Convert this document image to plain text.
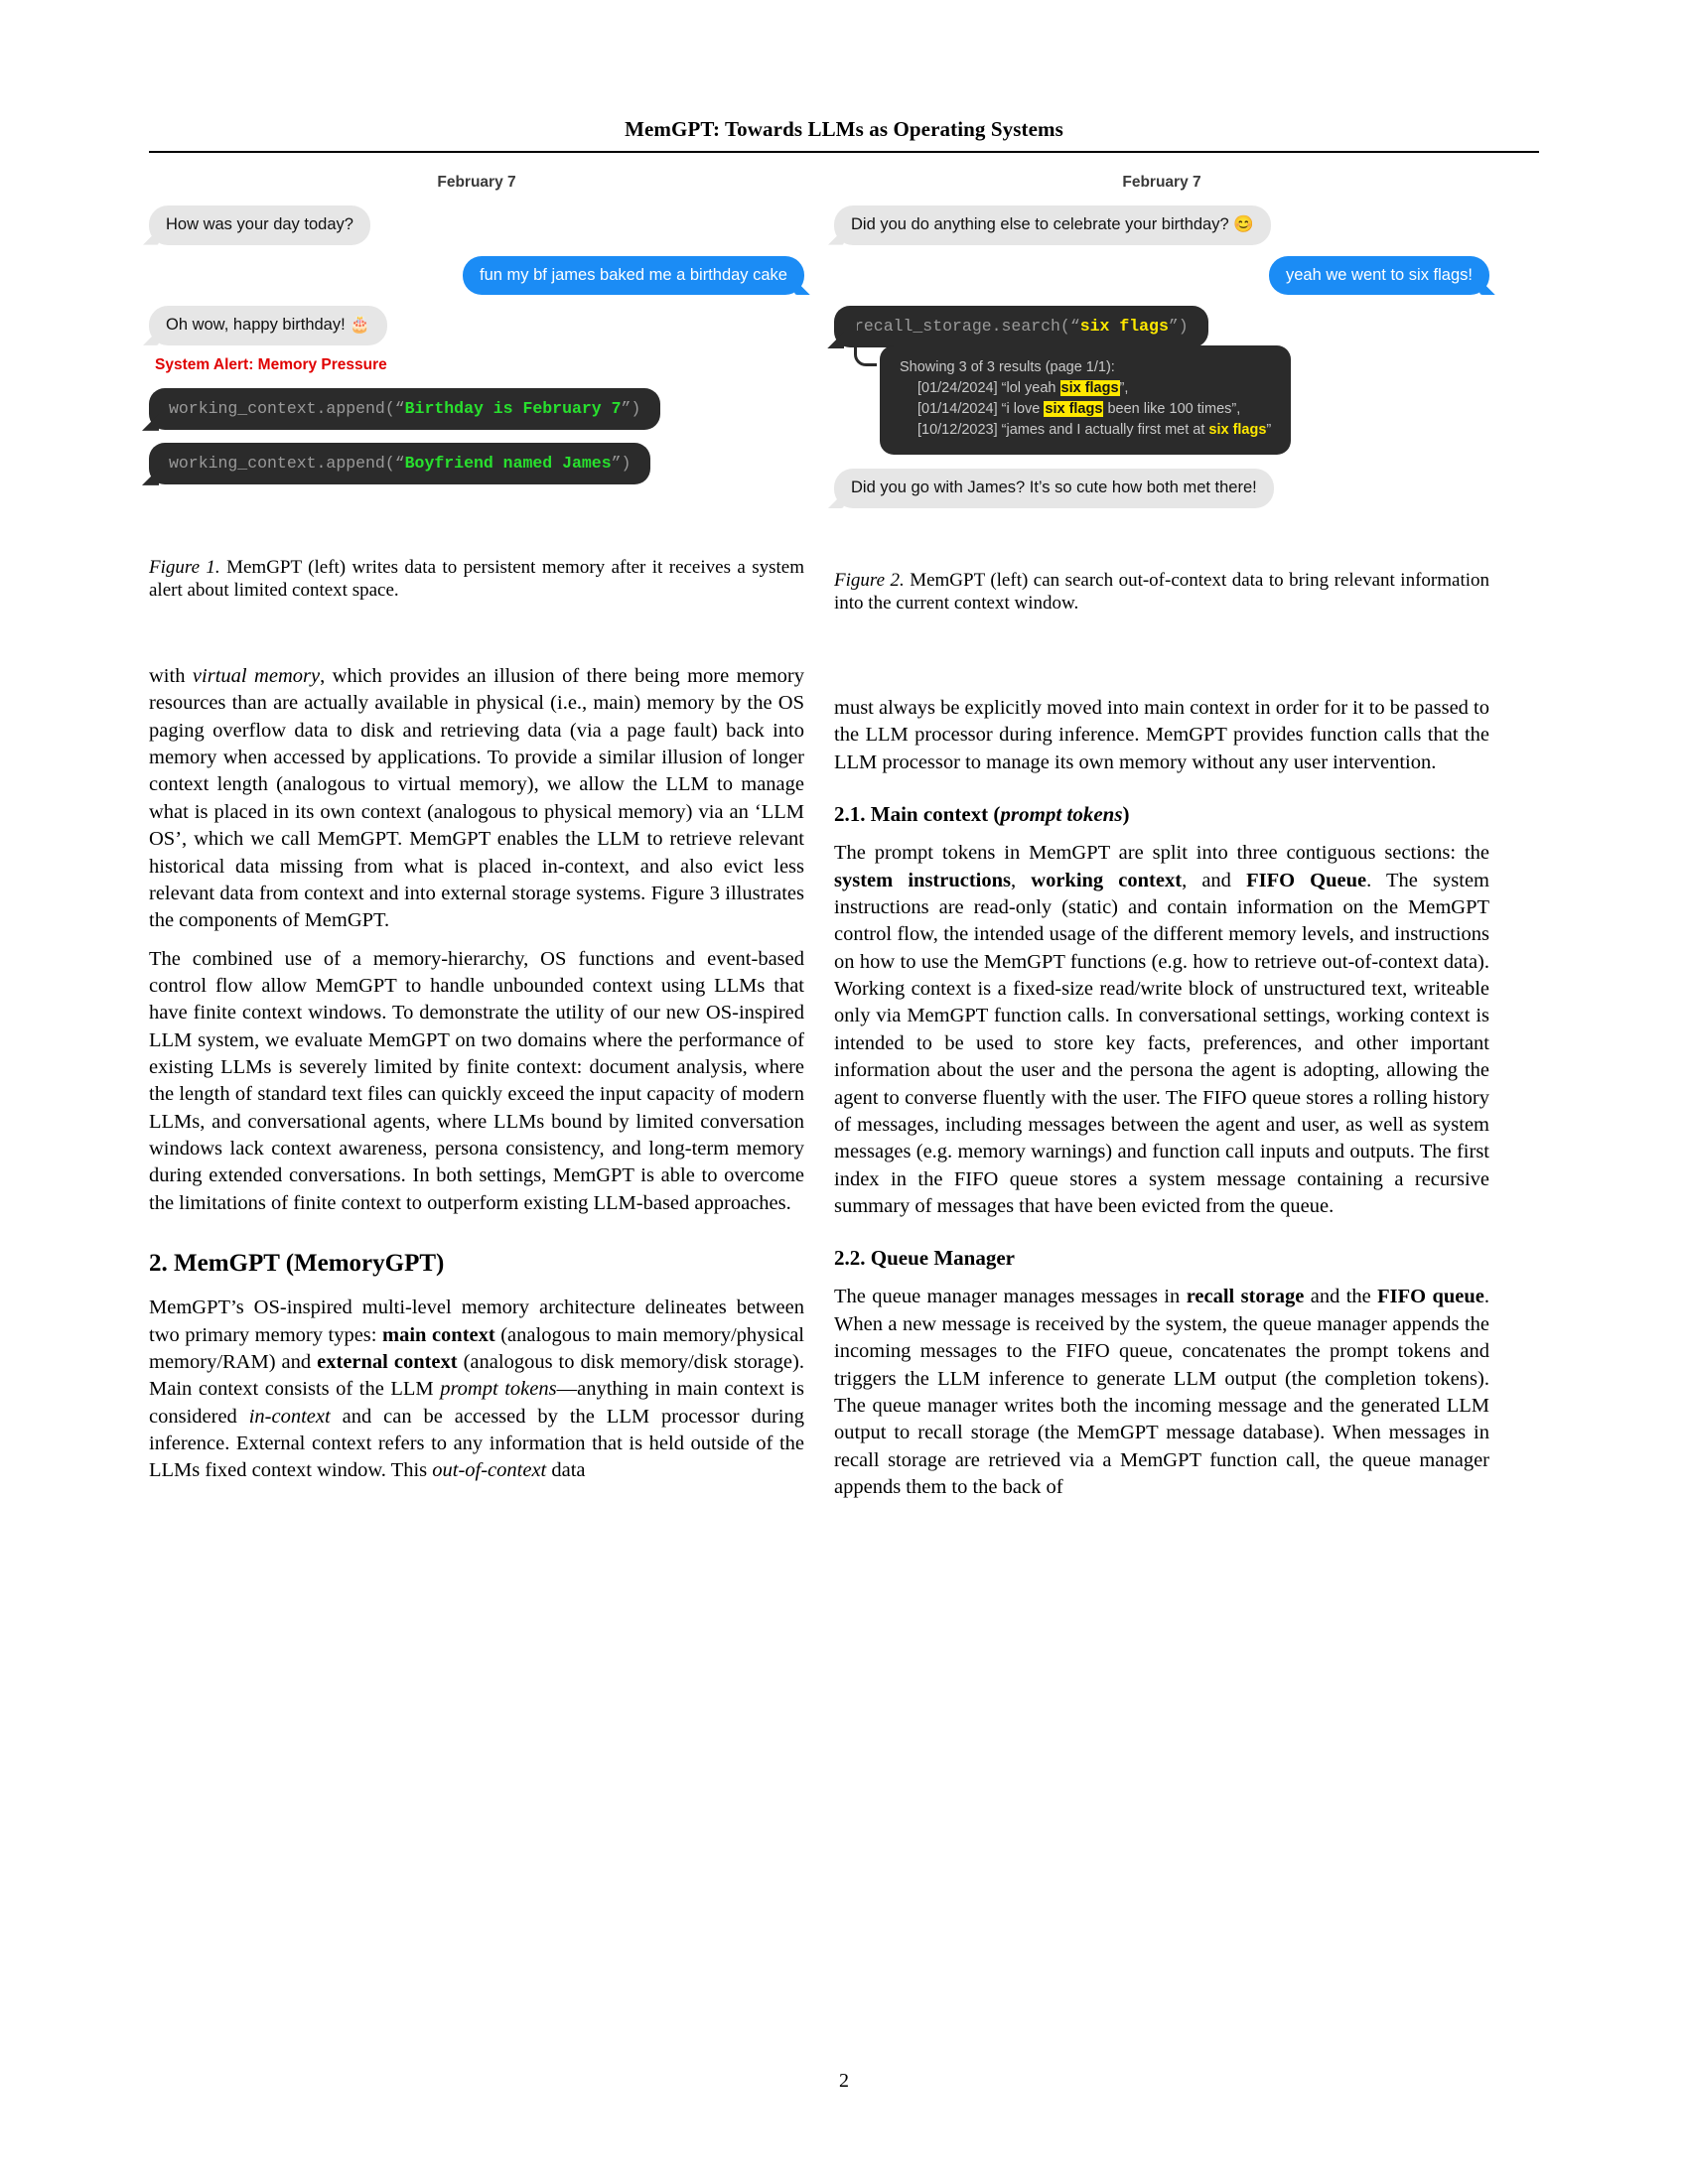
MemGPT: Towards LLMs as Operating Systems
February 7
How was your day today?
fun my bf james baked me a birthday cake
Oh wow, happy birthday! 🎂
System Alert: Memory Pressure
working_context.append(“Birthday is February 7”)
working_context.append(“Boyfriend named James”)
Figure 1. MemGPT (left) writes data to persistent memory after it receives a system alert about limited context space.
February 7
Did you do anything else to celebrate your birthday? 😊
yeah we went to six flags!
recall_storage.search(“six flags”)
Showing 3 of 3 results (page 1/1):
[01/24/2024] “lol yeah six flags”,
[01/14/2024] “i love six flags been like 100 times”,
[10/12/2023] “james and I actually first met at six flags”
Did you go with James? It’s so cute how both met there!
Figure 2. MemGPT (left) can search out-of-context data to bring relevant information into the current context window.

with virtual memory, which provides an illusion of there being more memory resources than are actually available in physical (i.e., main) memory by the OS paging overflow data to disk and retrieving data (via a page fault) back into memory when accessed by applications. To provide a similar illusion of longer context length (analogous to virtual memory), we allow the LLM to manage what is placed in its own context (analogous to physical memory) via an ‘LLM OS’, which we call MemGPT. MemGPT enables the LLM to retrieve relevant historical data missing from what is placed in-context, and also evict less relevant data from context and into external storage systems. Figure 3 illustrates the components of MemGPT.

The combined use of a memory-hierarchy, OS functions and event-based control flow allow MemGPT to handle unbounded context using LLMs that have finite context windows. To demonstrate the utility of our new OS-inspired LLM system, we evaluate MemGPT on two domains where the performance of existing LLMs is severely limited by finite context: document analysis, where the length of standard text files can quickly exceed the input capacity of modern LLMs, and conversational agents, where LLMs bound by limited conversation windows lack context awareness, persona consistency, and long-term memory during extended conversations. In both settings, MemGPT is able to overcome the limitations of finite context to outperform existing LLM-based approaches.

2. MemGPT (MemoryGPT)

MemGPT’s OS-inspired multi-level memory architecture delineates between two primary memory types: main context (analogous to main memory/physical memory/RAM) and external context (analogous to disk memory/disk storage). Main context consists of the LLM prompt tokens—anything in main context is considered in-context and can be accessed by the LLM processor during inference. External context refers to any information that is held outside of the LLMs fixed context window. This out-of-context data

must always be explicitly moved into main context in order for it to be passed to the LLM processor during inference. MemGPT provides function calls that the LLM processor to manage its own memory without any user intervention.

2.1. Main context (prompt tokens)

The prompt tokens in MemGPT are split into three contiguous sections: the system instructions, working context, and FIFO Queue. The system instructions are read-only (static) and contain information on the MemGPT control flow, the intended usage of the different memory levels, and instructions on how to use the MemGPT functions (e.g. how to retrieve out-of-context data). Working context is a fixed-size read/write block of unstructured text, writeable only via MemGPT function calls. In conversational settings, working context is intended to be used to store key facts, preferences, and other important information about the user and the persona the agent is adopting, allowing the agent to converse fluently with the user. The FIFO queue stores a rolling history of messages, including messages between the agent and user, as well as system messages (e.g. memory warnings) and function call inputs and outputs. The first index in the FIFO queue stores a system message containing a recursive summary of messages that have been evicted from the queue.

2.2. Queue Manager

The queue manager manages messages in recall storage and the FIFO queue. When a new message is received by the system, the queue manager appends the incoming messages to the FIFO queue, concatenates the prompt tokens and triggers the LLM inference to generate LLM output (the completion tokens). The queue manager writes both the incoming message and the generated LLM output to recall storage (the MemGPT message database). When messages in recall storage are retrieved via a MemGPT function call, the queue manager appends them to the back of

2
